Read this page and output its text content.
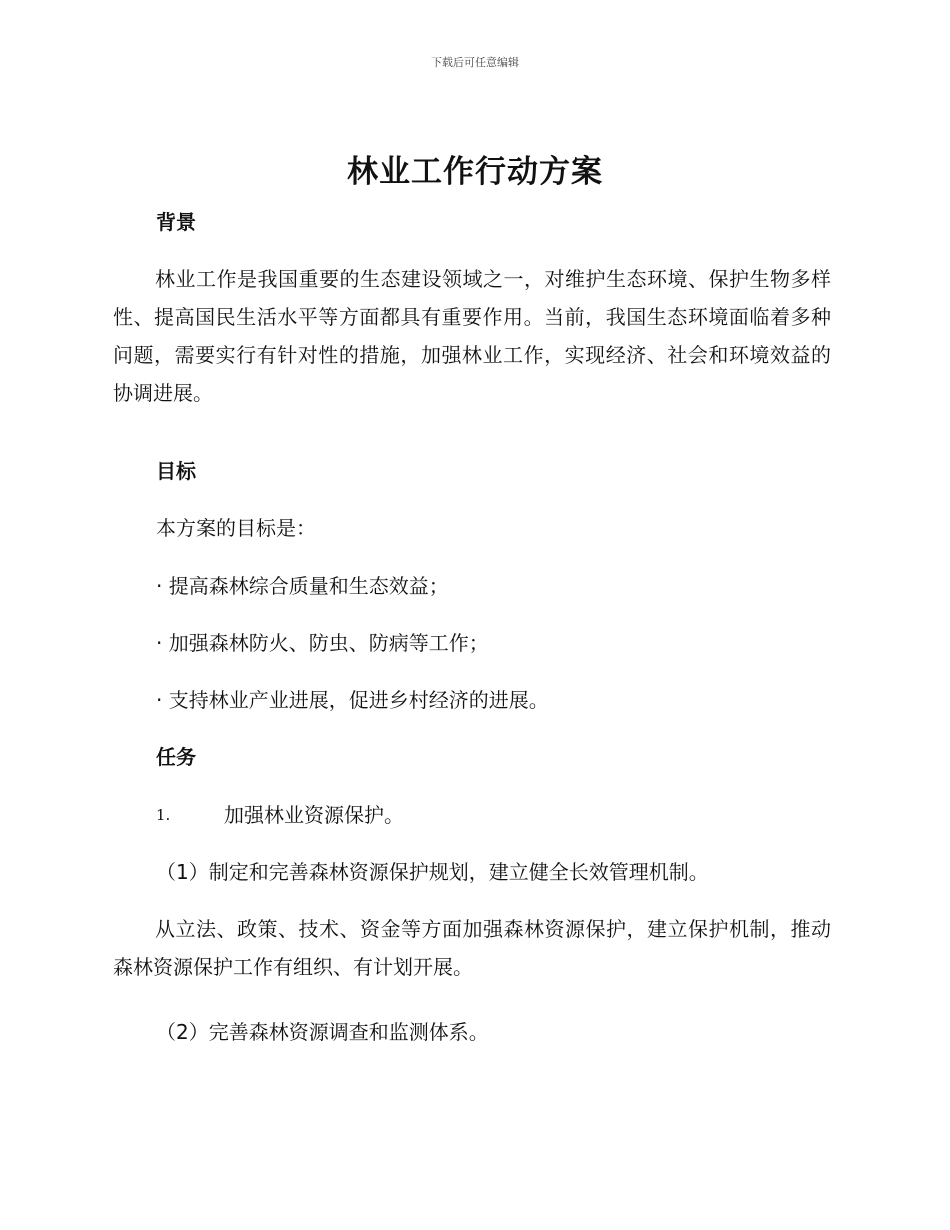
下载后可任意编辑
林业工作行动方案
背景
林业工作是我国重要的生态建设领域之一，对维护生态环境、保护生物多样性、提高国民生活水平等方面都具有重要作用。当前，我国生态环境面临着多种问题，需要实行有针对性的措施，加强林业工作，实现经济、社会和环境效益的协调进展。
目标
本方案的目标是：
· 提高森林综合质量和生态效益；
· 加强森林防火、防虫、防病等工作；
· 支持林业产业进展，促进乡村经济的进展。
任务
1.	加强林业资源保护。
（1）制定和完善森林资源保护规划，建立健全长效管理机制。
从立法、政策、技术、资金等方面加强森林资源保护，建立保护机制，推动森林资源保护工作有组织、有计划开展。
（2）完善森林资源调查和监测体系。
